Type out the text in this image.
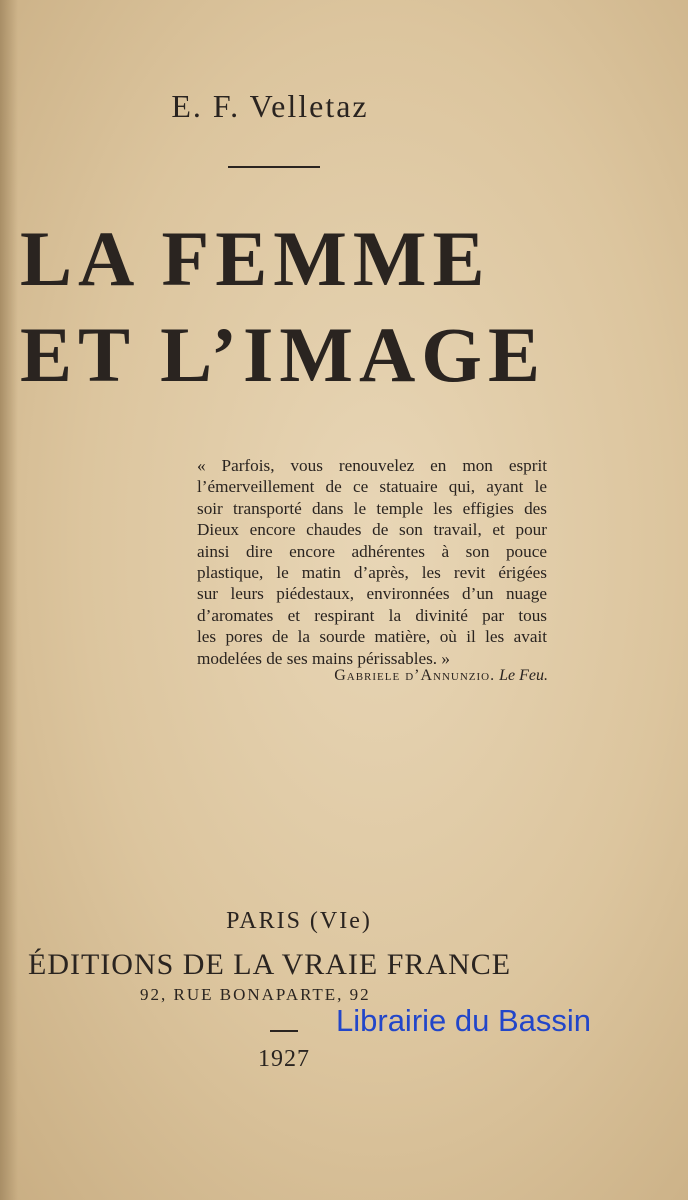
E. F. Velletaz
LA FEMME
ET L’IMAGE
« Parfois, vous renouvelez en mon esprit
l’émerveillement de ce statuaire qui, ayant le
soir transporté dans le temple les effigies des
Dieux encore chaudes de son travail, et pour
ainsi dire encore adhérentes à son pouce
plastique, le matin d’après, les revit érigées
sur leurs piédestaux, environnées d’un nuage
d’aromates et respirant la divinité par tous
les pores de la sourde matière, où il les avait
modelées de ses mains périssables. »
Gabriele d’Annunzio. Le Feu.
PARIS (VIe)
ÉDITIONS DE LA VRAIE FRANCE
92, RUE BONAPARTE, 92
1927
Librairie du Bassin
